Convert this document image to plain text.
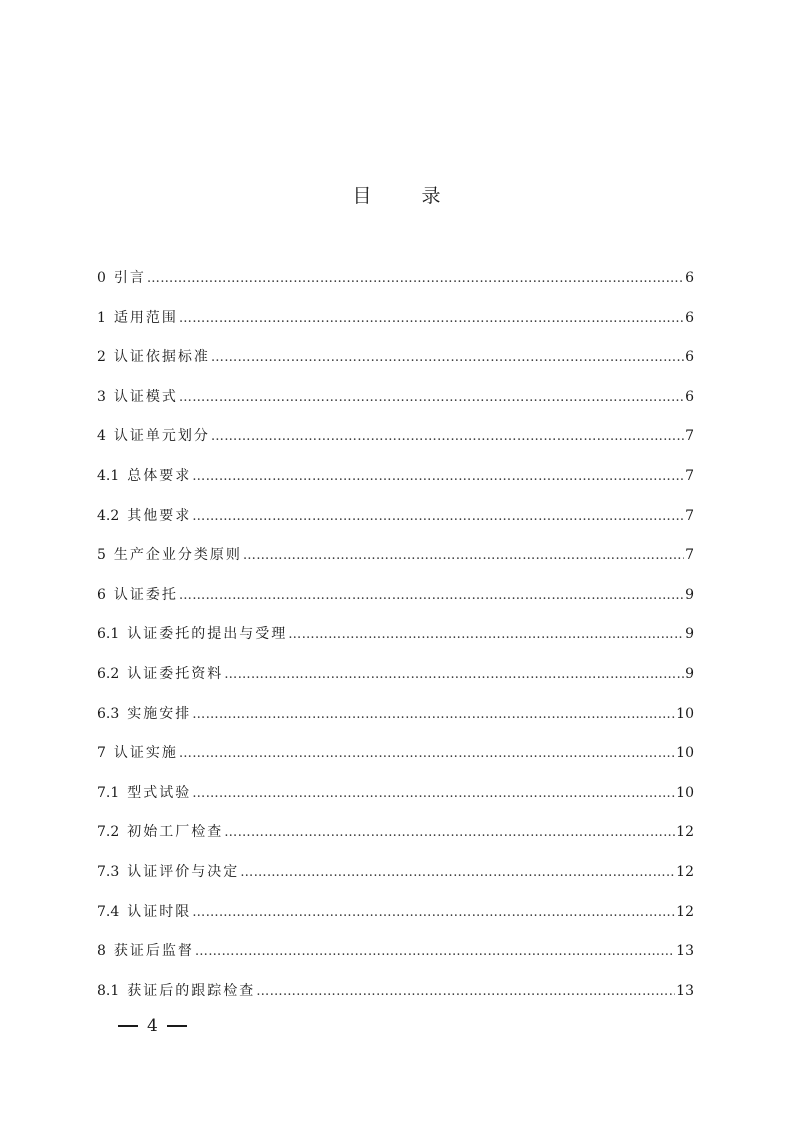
目 录
0 引言 ………………………………………………………………………………………………………………………………………………………………	6
1 适用范围 ………………………………………………………………………………………………………………………………………………………………	6
2 认证依据标准 ………………………………………………………………………………………………………………………………………………………………	6
3 认证模式 ………………………………………………………………………………………………………………………………………………………………	6
4 认证单元划分 ………………………………………………………………………………………………………………………………………………………………	7
4.1 总体要求 ………………………………………………………………………………………………………………………………………………………………	7
4.2 其他要求 ………………………………………………………………………………………………………………………………………………………………	7
5 生产企业分类原则 ………………………………………………………………………………………………………………………………………………………………	7
6 认证委托 ………………………………………………………………………………………………………………………………………………………………	9
6.1 认证委托的提出与受理 ………………………………………………………………………………………………………………………………………………………………	9
6.2 认证委托资料 ………………………………………………………………………………………………………………………………………………………………	9
6.3 实施安排 ………………………………………………………………………………………………………………………………………………………………	10
7 认证实施 ………………………………………………………………………………………………………………………………………………………………	10
7.1 型式试验 ………………………………………………………………………………………………………………………………………………………………	10
7.2 初始工厂检查 ………………………………………………………………………………………………………………………………………………………………	12
7.3 认证评价与决定 ………………………………………………………………………………………………………………………………………………………………	12
7.4 认证时限 ………………………………………………………………………………………………………………………………………………………………	12
8 获证后监督 ………………………………………………………………………………………………………………………………………………………………	13
8.1 获证后的跟踪检查 ………………………………………………………………………………………………………………………………………………………………	13
4
